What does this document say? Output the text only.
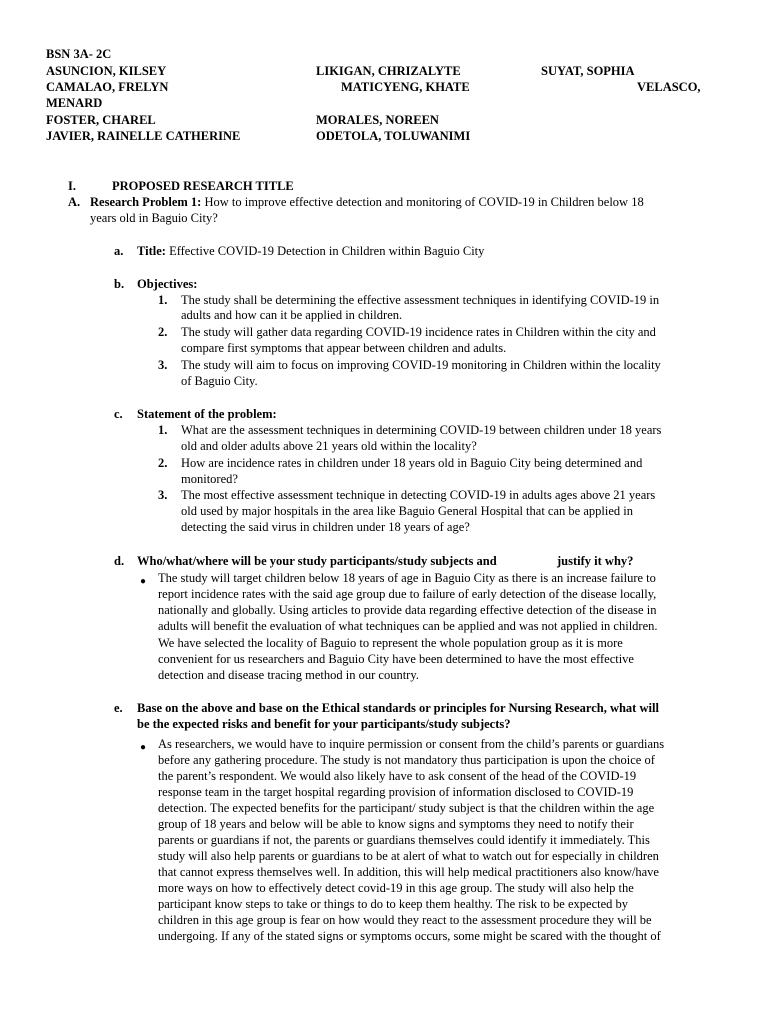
BSN 3A- 2C
ASUNCION, KILSEY	LIKIGAN, CHRIZALYTE	SUYAT, SOPHIA
CAMALAO, FRELYN	MATICYENG, KHATE	VELASCO,
MENARD
FOSTER, CHAREL	MORALES, NOREEN
JAVIER, RAINELLE CATHERINE	ODETOLA, TOLUWANIMI
I.	PROPOSED RESEARCH TITLE
A. Research Problem 1: How to improve effective detection and monitoring of COVID-19 in Children below 18
years old in Baguio City?
a. Title: Effective COVID-19 Detection in Children within Baguio City
b. Objectives:
1. The study shall be determining the effective assessment techniques in identifying COVID-19 in
adults and how can it be applied in children.
2. The study will gather data regarding COVID-19 incidence rates in Children within the city and
compare first symptoms that appear between children and adults.
3. The study will aim to focus on improving COVID-19 monitoring in Children within the locality
of Baguio City.
c. Statement of the problem:
1. What are the assessment techniques in determining COVID-19 between children under 18 years
old and older adults above 21 years old within the locality?
2. How are incidence rates in children under 18 years old in Baguio City being determined and
monitored?
3. The most effective assessment technique in detecting COVID-19 in adults ages above 21 years
old used by major hospitals in the area like Baguio General Hospital that can be applied in
detecting the said virus in children under 18 years of age?
d. Who/what/where will be your study participants/study subjects and	justify it why?
● The study will target children below 18 years of age in Baguio City as there is an increase failure to
report incidence rates with the said age group due to failure of early detection of the disease locally,
nationally and globally. Using articles to provide data regarding effective detection of the disease in
adults will benefit the evaluation of what techniques can be applied and was not applied in children.
We have selected the locality of Baguio to represent the whole population group as it is more
convenient for us researchers and Baguio City have been determined to have the most effective
detection and disease tracing method in our country.
e. Base on the above and base on the Ethical standards or principles for Nursing Research, what will
be the expected risks and benefit for your participants/study subjects?
● As researchers, we would have to inquire permission or consent from the child’s parents or guardians
before any gathering procedure. The study is not mandatory thus participation is upon the choice of
the parent’s respondent. We would also likely have to ask consent of the head of the COVID-19
response team in the target hospital regarding provision of information disclosed to COVID-19
detection. The expected benefits for the participant/ study subject is that the children within the age
group of 18 years and below will be able to know signs and symptoms they need to notify their
parents or guardians if not, the parents or guardians themselves could identify it immediately. This
study will also help parents or guardians to be at alert of what to watch out for especially in children
that cannot express themselves well. In addition, this will help medical practitioners also know/have
more ways on how to effectively detect covid-19 in this age group. The study will also help the
participant know steps to take or things to do to keep them healthy. The risk to be expected by
children in this age group is fear on how would they react to the assessment procedure they will be
undergoing. If any of the stated signs or symptoms occurs, some might be scared with the thought of
